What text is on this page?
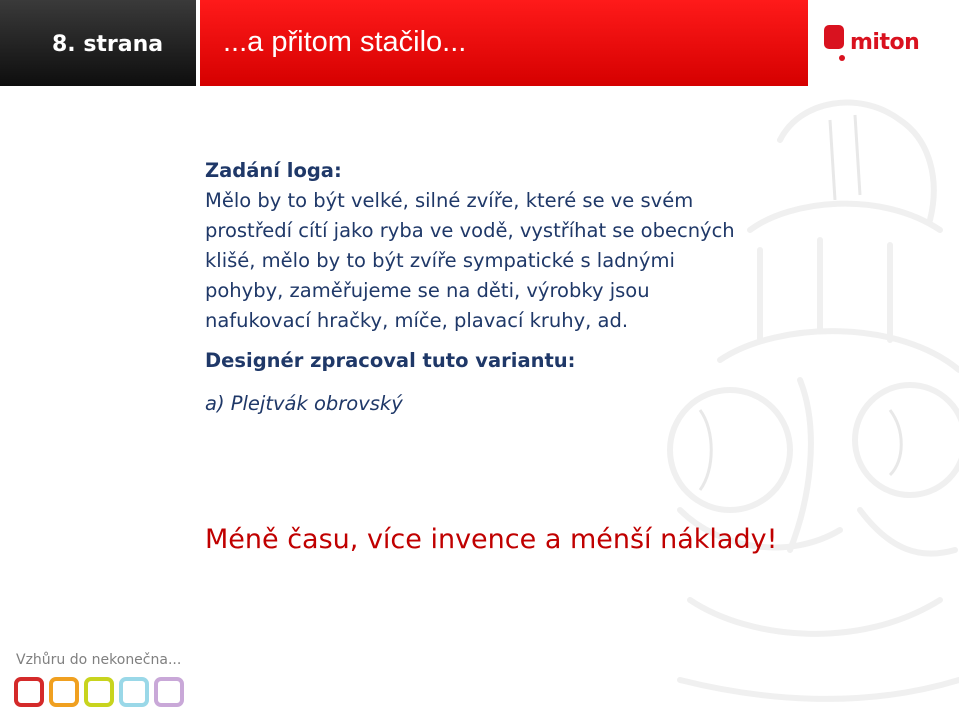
8. strana	...a přitom stačilo...	miton
Zadání loga:
Mělo by to být velké, silné zvíře, které se ve svém
prostředí cítí jako ryba ve vodě, vystříhat se obecných
klišé, mělo by to být zvíře sympatické s ladnými
pohyby, zaměřujeme se na děti, výrobky jsou
nafukovací hračky, míče, plavací kruhy, ad.
Designér zpracoval tuto variantu:
a) Plejtvák obrovský
Méně času, více invence a ménší náklady!
Vzhůru do nekonečna...
